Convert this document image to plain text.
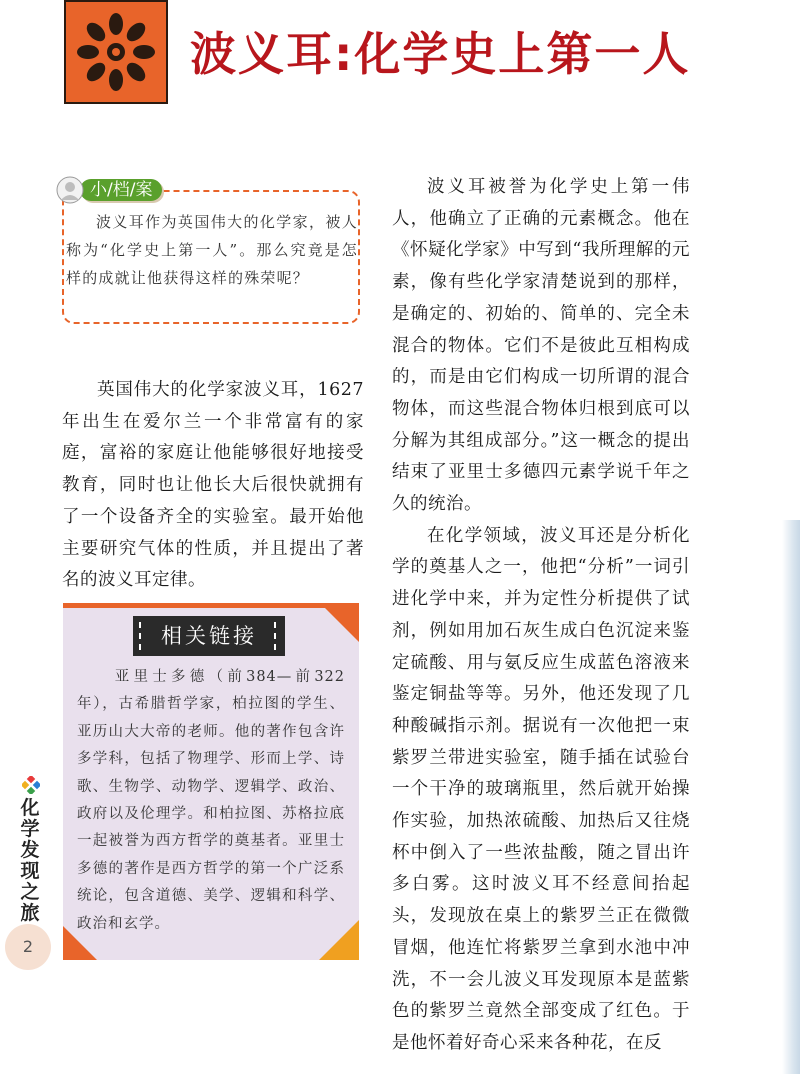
波义耳:化学史上第一人
小/档/案
波义耳作为英国伟大的化学家，被人称为“化学史上第一人”。那么究竟是怎样的成就让他获得这样的殊荣呢？

英国伟大的化学家波义耳，1627年出生在爱尔兰一个非常富有的家庭，富裕的家庭让他能够很好地接受教育，同时也让他长大后很快就拥有了一个设备齐全的实验室。最开始他主要研究气体的性质，并且提出了著名的波义耳定律。

相关链接
亚里士多德（前384—前322年），古希腊哲学家，柏拉图的学生、亚历山大大帝的老师。他的著作包含许多学科，包括了物理学、形而上学、诗歌、生物学、动物学、逻辑学、政治、政府以及伦理学。和柏拉图、苏格拉底一起被誉为西方哲学的奠基者。亚里士多德的著作是西方哲学的第一个广泛系统论，包含道德、美学、逻辑和科学、政治和玄学。

波义耳被誉为化学史上第一伟人，他确立了正确的元素概念。他在《怀疑化学家》中写到“我所理解的元素，像有些化学家清楚说到的那样，是确定的、初始的、简单的、完全未混合的物体。它们不是彼此互相构成的，而是由它们构成一切所谓的混合物体，而这些混合物体归根到底可以分解为其组成部分。”这一概念的提出结束了亚里士多德四元素学说千年之久的统治。

在化学领域，波义耳还是分析化学的奠基人之一，他把“分析”一词引进化学中来，并为定性分析提供了试剂，例如用加石灰生成白色沉淀来鉴定硫酸、用与氨反应生成蓝色溶液来鉴定铜盐等等。另外，他还发现了几种酸碱指示剂。据说有一次他把一束紫罗兰带进实验室，随手插在试验台一个干净的玻璃瓶里，然后就开始操作实验，加热浓硫酸、加热后又往烧杯中倒入了一些浓盐酸，随之冒出许多白雾。这时波义耳不经意间抬起头，发现放在桌上的紫罗兰正在微微冒烟，他连忙将紫罗兰拿到水池中冲洗，不一会儿波义耳发现原本是蓝紫色的紫罗兰竟然全部变成了红色。于是他怀着好奇心采来各种花，在反

化学发现之旅
2
